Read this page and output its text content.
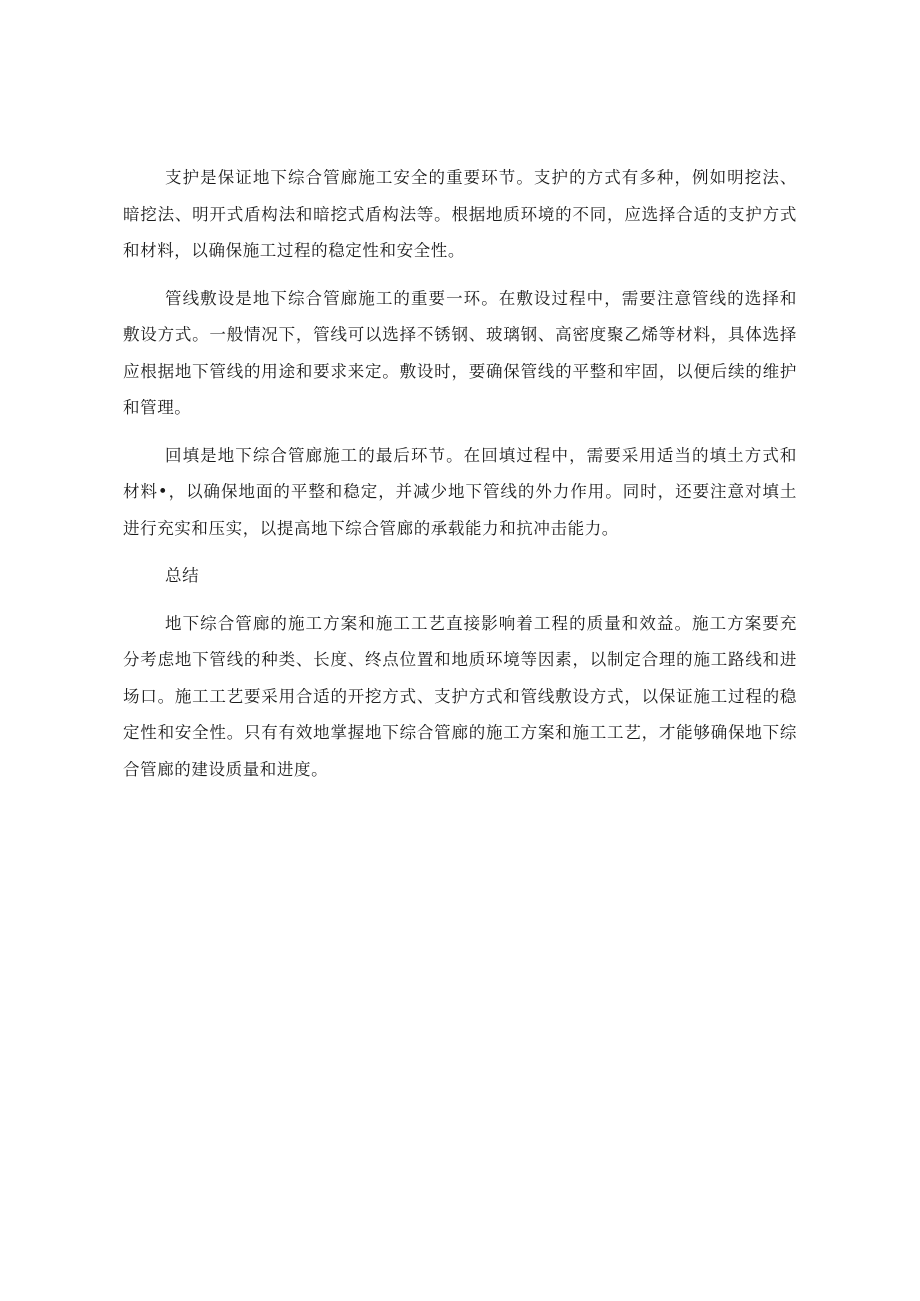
支护是保证地下综合管廊施工安全的重要环节。支护的方式有多种，例如明挖法、暗挖法、明开式盾构法和暗挖式盾构法等。根据地质环境的不同，应选择合适的支护方式和材料，以确保施工过程的稳定性和安全性。

管线敷设是地下综合管廊施工的重要一环。在敷设过程中，需要注意管线的选择和敷设方式。一般情况下，管线可以选择不锈钢、玻璃钢、高密度聚乙烯等材料，具体选择应根据地下管线的用途和要求来定。敷设时，要确保管线的平整和牢固，以便后续的维护和管理。

回填是地下综合管廊施工的最后环节。在回填过程中，需要采用适当的填土方式和材料•，以确保地面的平整和稳定，并减少地下管线的外力作用。同时，还要注意对填土进行充实和压实，以提高地下综合管廊的承载能力和抗冲击能力。

总结

地下综合管廊的施工方案和施工工艺直接影响着工程的质量和效益。施工方案要充分考虑地下管线的种类、长度、终点位置和地质环境等因素，以制定合理的施工路线和进场口。施工工艺要采用合适的开挖方式、支护方式和管线敷设方式，以保证施工过程的稳定性和安全性。只有有效地掌握地下综合管廊的施工方案和施工工艺，才能够确保地下综合管廊的建设质量和进度。
